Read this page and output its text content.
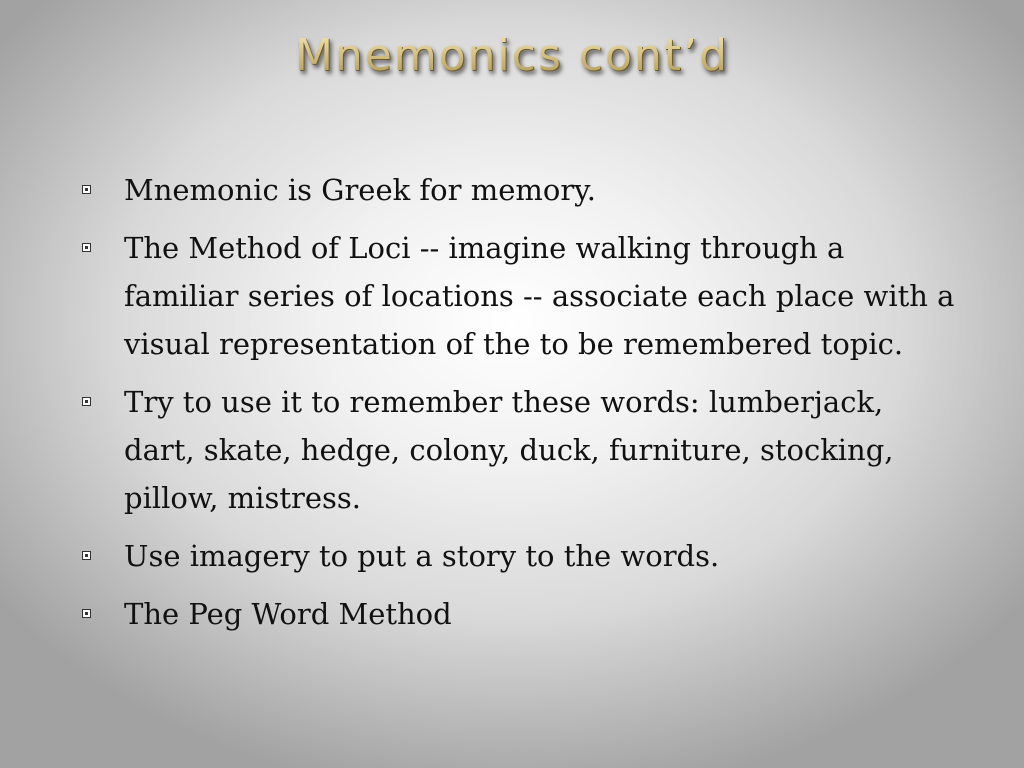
Mnemonics cont’d
Mnemonic is Greek for memory.
The Method of Loci -- imagine walking through a familiar series of locations -- associate each place with a visual representation of the to be remembered topic.
Try to use it to remember these words: lumberjack, dart, skate, hedge, colony, duck, furniture, stocking, pillow, mistress.
Use imagery to put a story to the words.
The Peg Word Method
